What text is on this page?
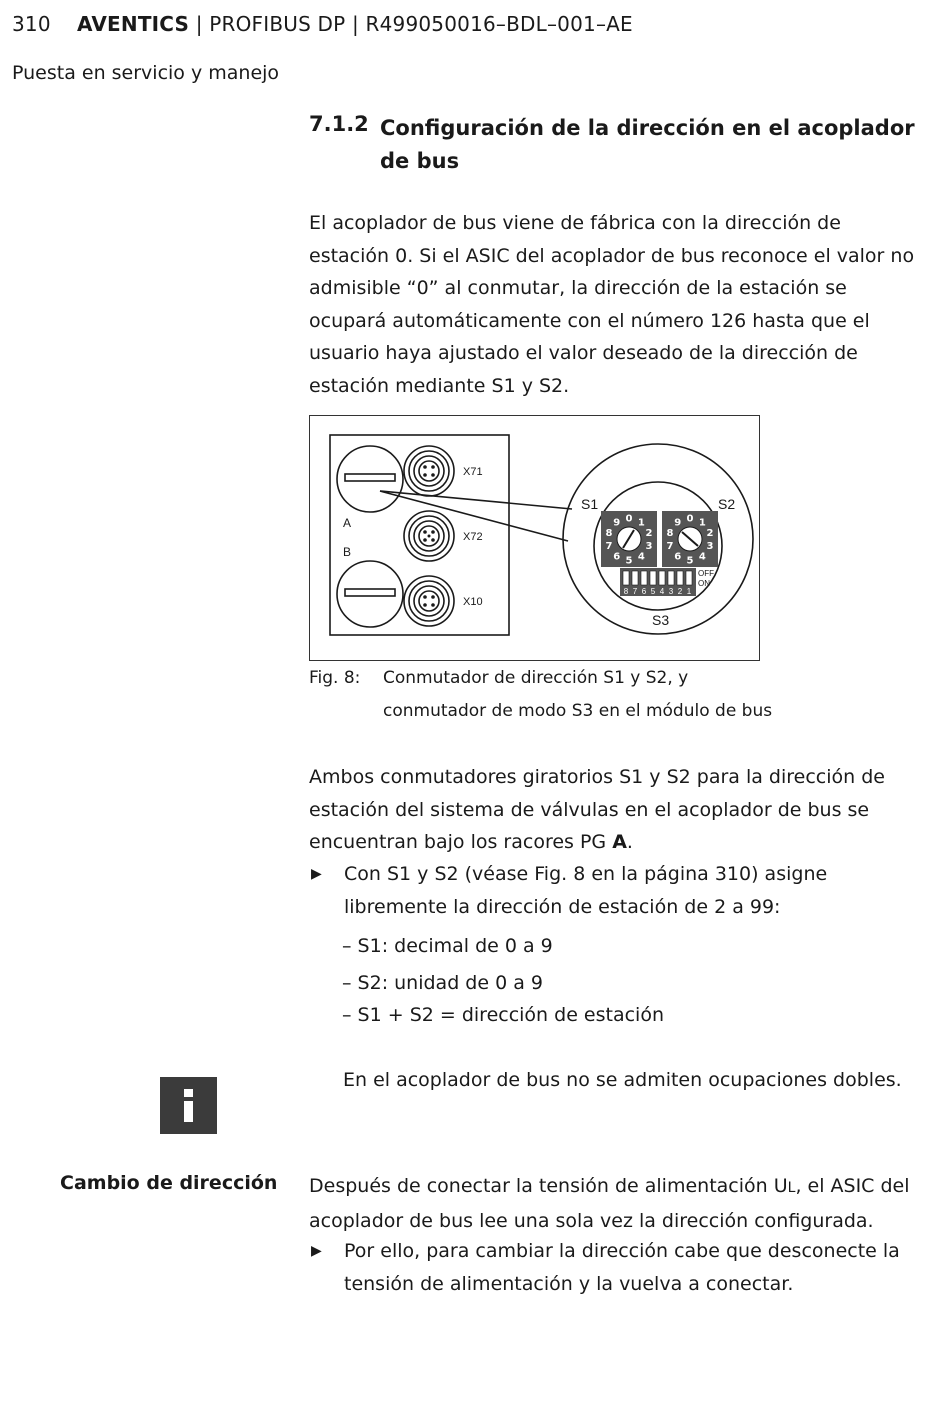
310 AVENTICS | PROFIBUS DP | R499050016–BDL–001–AE
Puesta en servicio y manejo
7.1.2 Configuración de la dirección en el acoplador de bus
El acoplador de bus viene de fábrica con la dirección de estación 0. Si el ASIC del acoplador de bus reconoce el valor no admisible “0” al conmutar, la dirección de la estación se ocupará automáticamente con el número 126 hasta que el usuario haya ajustado el valor deseado de la dirección de estación mediante S1 y S2.
X71
X72
X10
A
B
S1	S2
S3
0 1
2
3
4
5
6
7
8
9	0 1
2
3
4
5
6
7
8
9
8 7 6 5 4 3 2 1
OFF
ON
Fig. 8: Conmutador de dirección S1 y S2, y
conmutador de modo S3 en el módulo de bus
Ambos conmutadores giratorios S1 y S2 para la dirección de estación del sistema de válvulas en el acoplador de bus se encuentran bajo los racores PG A.
▶ Con S1 y S2 (véase Fig. 8 en la página 310) asigne libremente la dirección de estación de 2 a 99:
– S1: decimal de 0 a 9
– S2: unidad de 0 a 9
– S1 + S2 = dirección de estación
En el acoplador de bus no se admiten ocupaciones dobles.
Cambio de dirección Después de conectar la tensión de alimentación UL, el ASIC del acoplador de bus lee una sola vez la dirección configurada.
▶ Por ello, para cambiar la dirección cabe que desconecte la tensión de alimentación y la vuelva a conectar.
